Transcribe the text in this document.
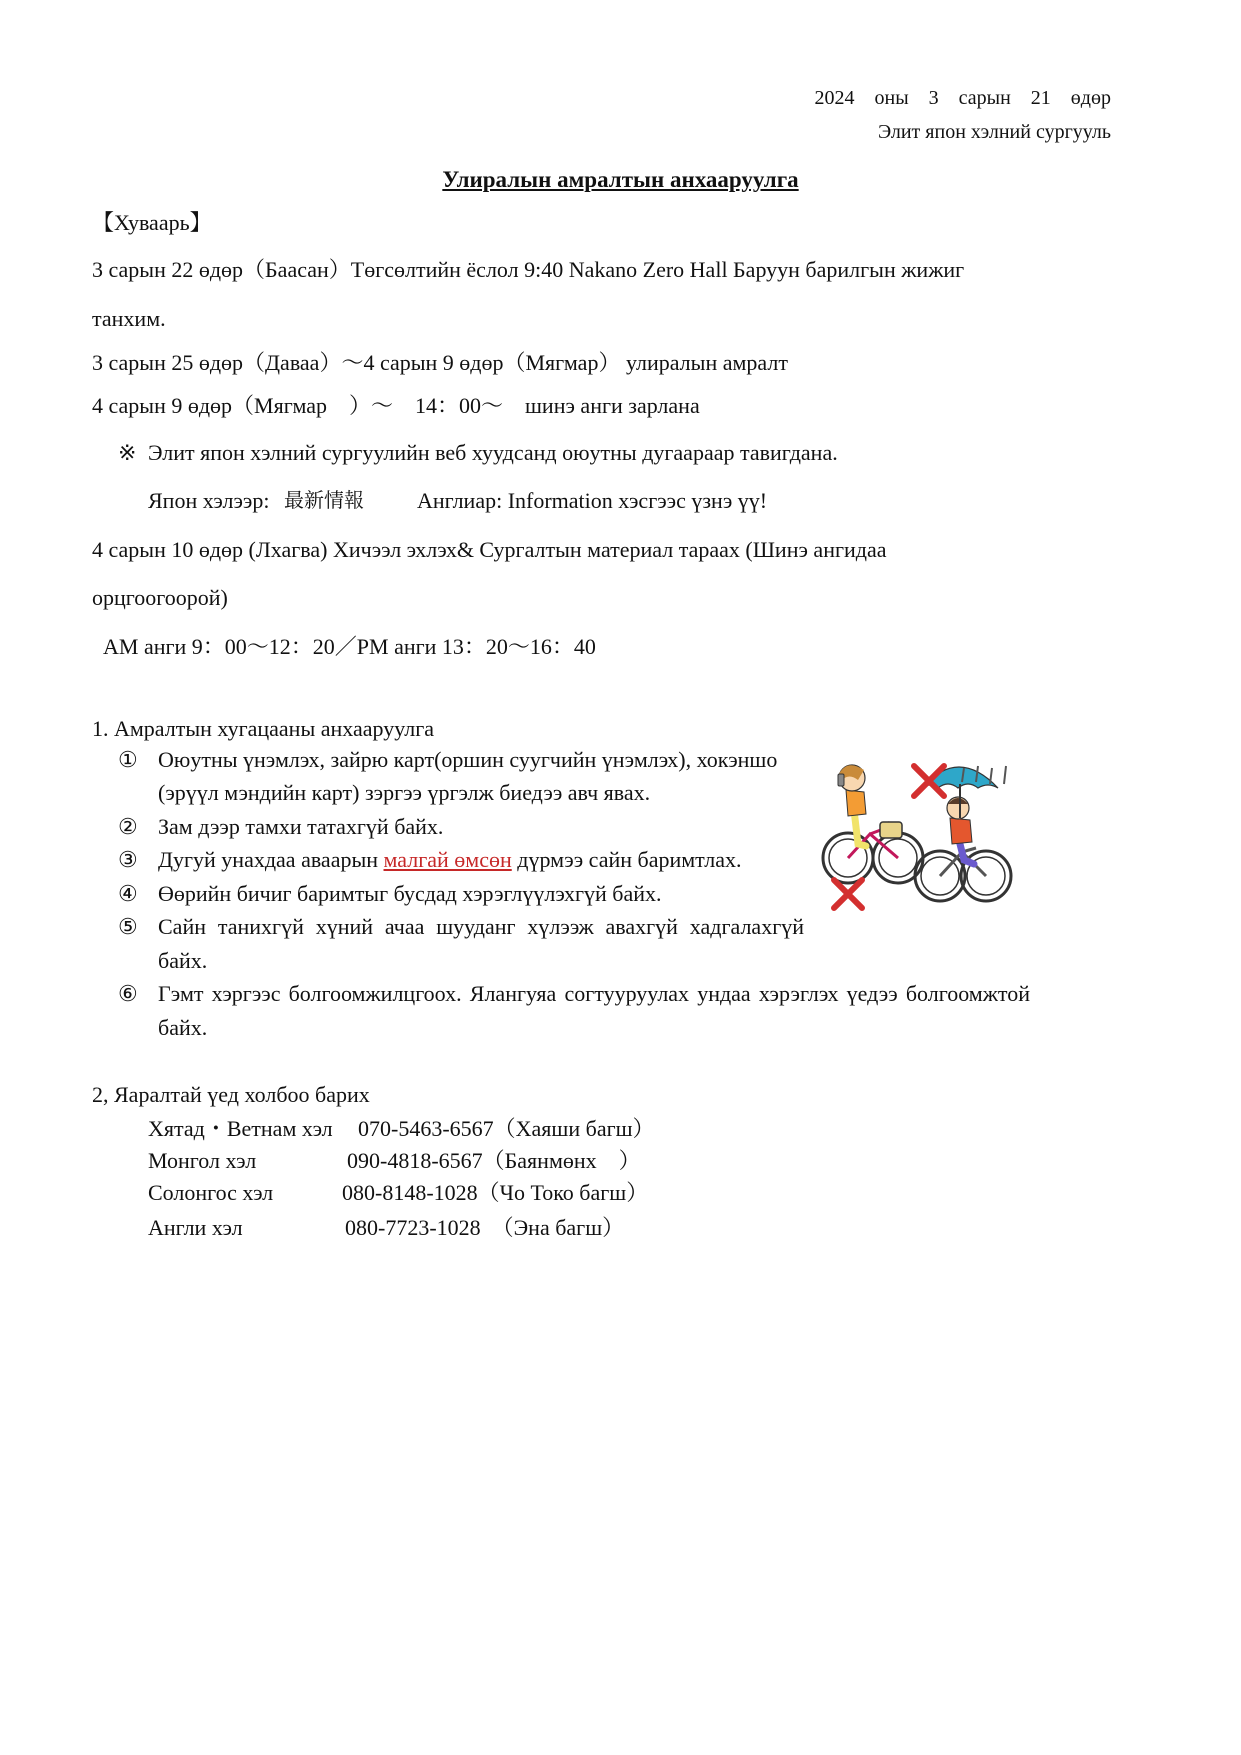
2024　оны　3　сарын　21　өдөр
Элит япон хэлний сургууль
Улиралын амралтын анхааруулга
【Хуваарь】
3 сарын 22 өдөр（Баасан）Төгсөлтийн ёслол 9:40 Nakano Zero Hall Баруун барилгын жижиг
танхим.
3 сарын 25 өдөр（Даваа）～4 сарын 9 өдөр（Мягмар） улиралын амралт
4 сарын 9 өдөр（Мягмар　）～　14：00～　шинэ анги зарлана
※ Элит япон хэлний сургуулийн веб хуудсанд оюутны дугаараар тавигдана.
Япон хэлээр: 最新情報 Англиар: Information хэсгээс үзнэ үү!
4 сарын 10 өдөр (Лхагва) Хичээл эхлэх& Сургалтын материал тараах (Шинэ ангидаа
орцгоогоорой)
AM анги 9：00～12：20／PM анги 13：20～16：40
1. Амралтын хугацааны анхааруулга
① Оюутны үнэмлэх, зайрю карт(оршин суугчийн үнэмлэх), хокэншо
(эрүүл мэндийн карт) зэргээ үргэлж биедээ авч явах.
② Зам дээр тамхи татахгүй байх.
③ Дугуй унахдаа аваарын малгай өмсөн дүрмээ сайн баримтлах.
④ Өөрийн бичиг баримтыг бусдад хэрэглүүлэхгүй байх.
⑤ Сайн танихгүй хүний ачаа шууданг хүлээж авахгүй хадгалахгүй
байх.
⑥ Гэмт хэргээс болгоомжилцгоох. Ялангуяа согтууруулах ундаа хэрэглэх үедээ болгоомжтой
байх.
2, Яаралтай үед холбоо барих
Хятад・Ветнам хэл 070-5463-6567（Хаяши багш）
Монгол хэл	090-4818-6567（Баянмөнх　）
Солонгос хэл	080-8148-1028（Чо Токо багш）
Англи хэл	080-7723-1028　（Эна багш）
